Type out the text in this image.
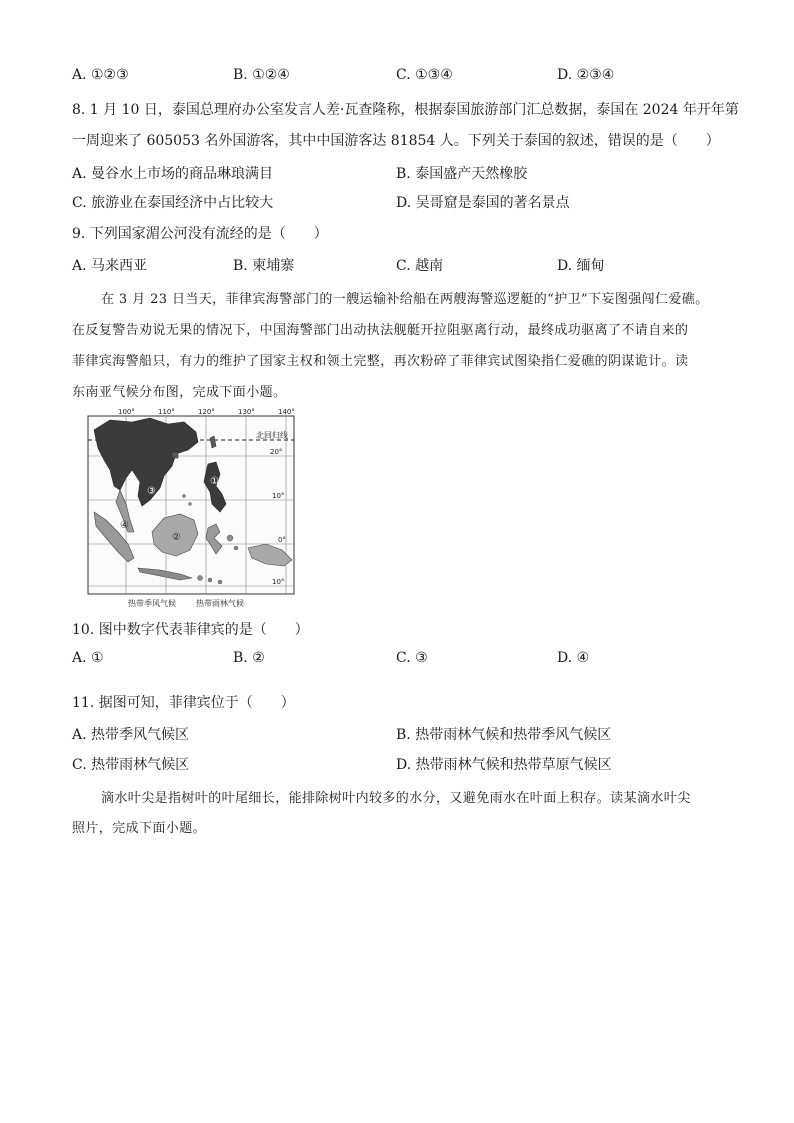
A. ①②③	B. ①②④	C. ①③④	D. ②③④
8. 1 月 10 日，泰国总理府办公室发言人差·瓦查隆称，根据泰国旅游部门汇总数据，泰国在 2024 年开年第
一周迎来了 605053 名外国游客，其中中国游客达 81854 人。下列关于泰国的叙述，错误的是（　　）
A. 曼谷水上市场的商品琳琅满目	B. 泰国盛产天然橡胶
C. 旅游业在泰国经济中占比较大	D. 吴哥窟是泰国的著名景点
9. 下列国家湄公河没有流经的是（　　）
A. 马来西亚	B. 柬埔寨	C. 越南	D. 缅甸
在 3 月 23 日当天，菲律宾海警部门的一艘运输补给船在两艘海警巡逻艇的“护卫”下妄图强闯仁爱礁。
在反复警告劝说无果的情况下，中国海警部门出动执法舰艇开拉阻驱离行动，最终成功驱离了不请自来的
菲律宾海警船只，有力的维护了国家主权和领土完整，再次粉碎了菲律宾试图染指仁爱礁的阴谋诡计。读
东南亚气候分布图，完成下面小题。
100°	110°	120°	130°	140°
20°
10°
0°
10°
北回归线
①
②
③
④
热带季风气候	热带雨林气候
10. 图中数字代表菲律宾的是（　　）
A. ①	B. ②	C. ③	D. ④
11. 据图可知，菲律宾位于（　　）
A. 热带季风气候区	B. 热带雨林气候和热带季风气候区
C. 热带雨林气候区	D. 热带雨林气候和热带草原气候区
滴水叶尖是指树叶的叶尾细长，能排除树叶内较多的水分，又避免雨水在叶面上积存。读某滴水叶尖
照片，完成下面小题。
